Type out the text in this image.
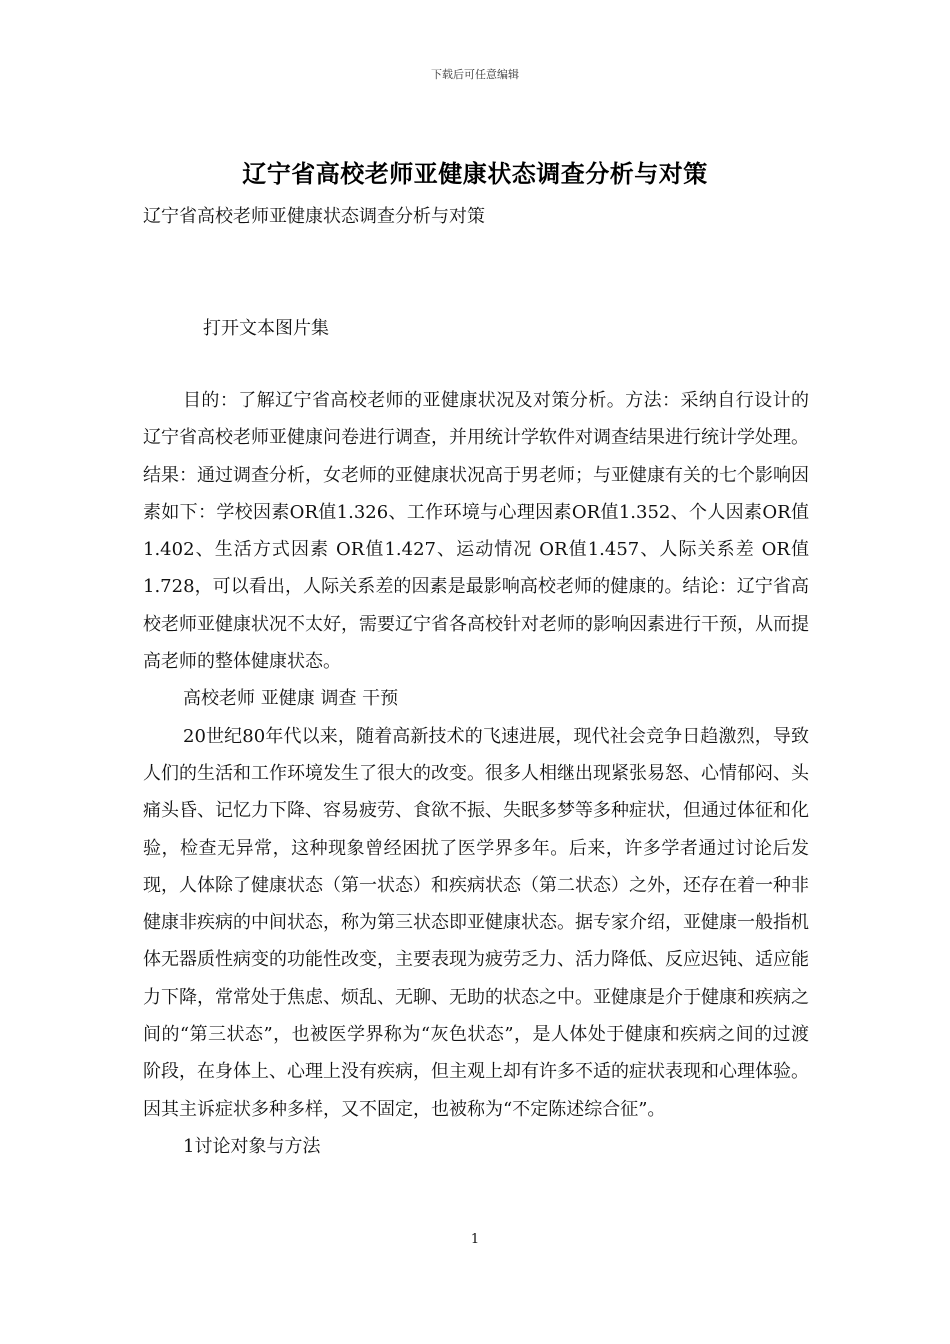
下载后可任意编辑
辽宁省高校老师亚健康状态调查分析与对策
辽宁省高校老师亚健康状态调查分析与对策
打开文本图片集

目的：了解辽宁省高校老师的亚健康状况及对策分析。方法：采纳自行设计的辽宁省高校老师亚健康问卷进行调查，并用统计学软件对调查结果进行统计学处理。结果：通过调查分析，女老师的亚健康状况高于男老师；与亚健康有关的七个影响因素如下：学校因素OR值1.326、工作环境与心理因素OR值1.352、个人因素OR值1.402、生活方式因素 OR值1.427、运动情况 OR值1.457、人际关系差 OR值 1.728，可以看出，人际关系差的因素是最影响高校老师的健康的。结论：辽宁省高校老师亚健康状况不太好，需要辽宁省各高校针对老师的影响因素进行干预，从而提高老师的整体健康状态。

高校老师 亚健康 调查 干预

20世纪80年代以来，随着高新技术的飞速进展，现代社会竞争日趋激烈，导致人们的生活和工作环境发生了很大的改变。很多人相继出现紧张易怒、心情郁闷、头痛头昏、记忆力下降、容易疲劳、食欲不振、失眠多梦等多种症状，但通过体征和化验，检查无异常，这种现象曾经困扰了医学界多年。后来，许多学者通过讨论后发现，人体除了健康状态（第一状态）和疾病状态（第二状态）之外，还存在着一种非健康非疾病的中间状态，称为第三状态即亚健康状态。据专家介绍，亚健康一般指机体无器质性病变的功能性改变，主要表现为疲劳乏力、活力降低、反应迟钝、适应能力下降，常常处于焦虑、烦乱、无聊、无助的状态之中。亚健康是介于健康和疾病之间的“第三状态”，也被医学界称为“灰色状态”，是人体处于健康和疾病之间的过渡阶段，在身体上、心理上没有疾病，但主观上却有许多不适的症状表现和心理体验。因其主诉症状多种多样，又不固定，也被称为“不定陈述综合征”。

1讨论对象与方法

1
